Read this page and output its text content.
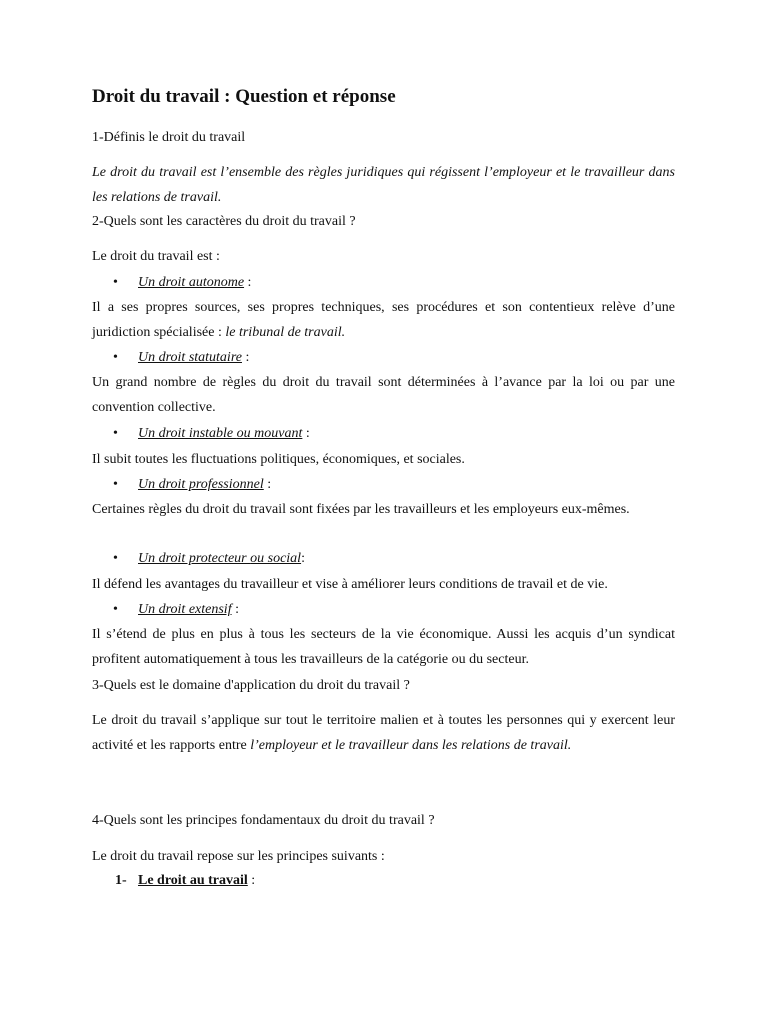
Droit du travail : Question et réponse
1-Définis le droit du travail

Le droit du travail est l’ensemble des règles juridiques qui régissent l’employeur et le travailleur dans les relations de travail.

2-Quels sont les caractères du droit du travail ?
Le droit du travail est :
• Un droit autonome :

Il a ses propres sources, ses propres techniques, ses procédures et son contentieux relève d’une juridiction spécialisée : le tribunal de travail.

• Un droit statutaire :

Un grand nombre de règles du droit du travail sont déterminées à l’avance par la loi ou par une convention collective.

• Un droit instable ou mouvant :
Il subit toutes les fluctuations politiques, économiques, et sociales.
• Un droit professionnel :

Certaines règles du droit du travail sont fixées par les travailleurs et les employeurs eux-mêmes.

• Un droit protecteur ou social:
Il défend les avantages du travailleur et vise à améliorer leurs conditions de travail et de vie.
• Un droit extensif :

Il s’étend de plus en plus à tous les secteurs de la vie économique. Aussi les acquis d’un syndicat profitent automatiquement à tous les travailleurs de la catégorie ou du secteur.

3-Quels est le domaine d'application du droit du travail ?

Le droit du travail s’applique sur tout le territoire malien et à toutes les personnes qui y exercent leur activité et les rapports entre l’employeur et le travailleur dans les relations de travail.

4-Quels sont les principes fondamentaux du droit du travail ?
Le droit du travail repose sur les principes suivants :
1- Le droit au travail :
